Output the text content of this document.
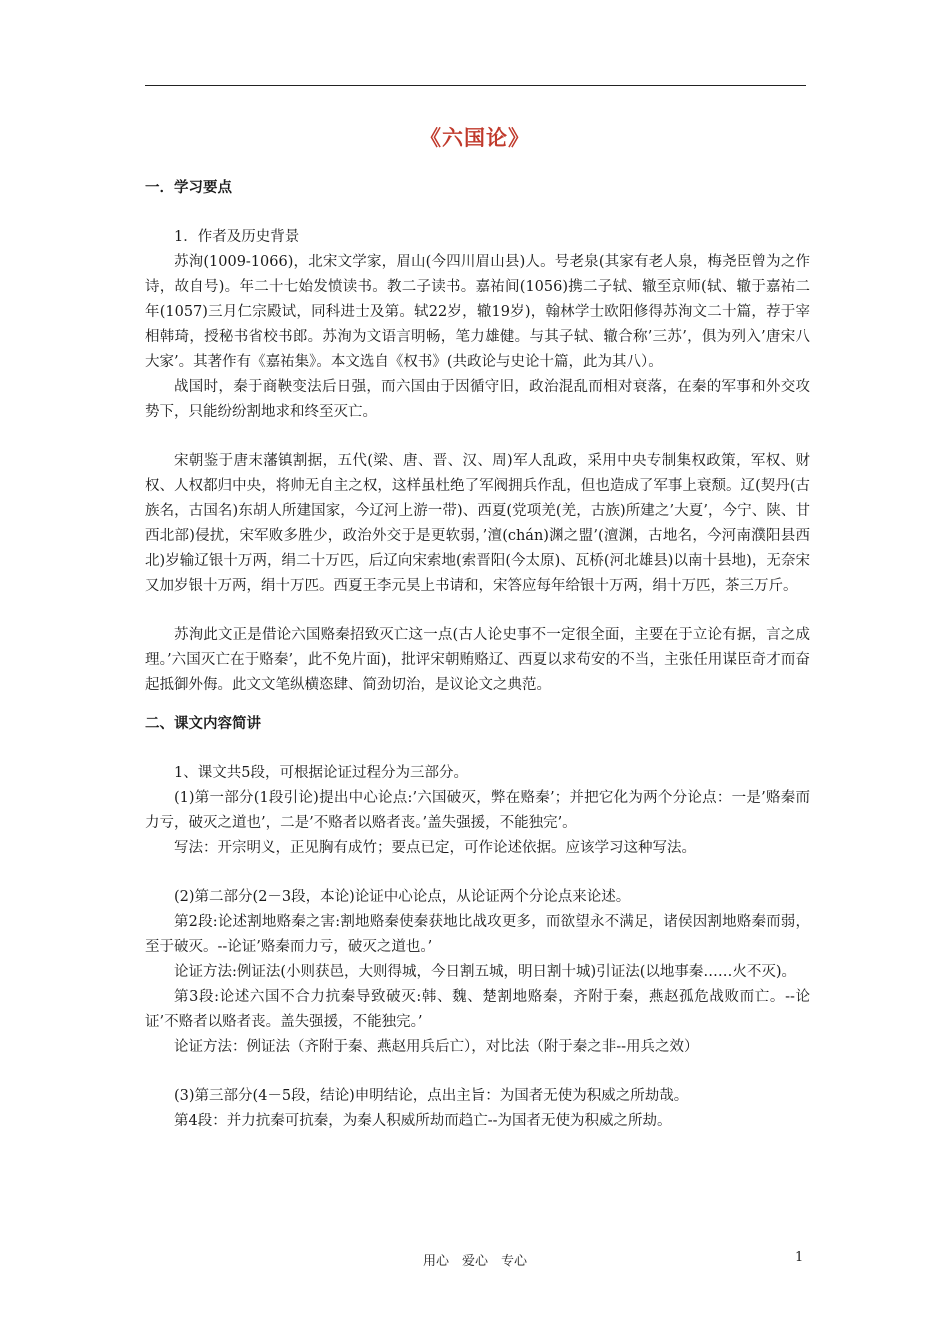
《六国论》

一．学习要点

1．作者及历史背景

苏洵(1009-1066)，北宋文学家，眉山(今四川眉山县)人。号老泉(其家有老人泉，梅尧臣曾为之作诗，故自号)。年二十七始发愤读书。教二子读书。嘉祐间(1056)携二子轼、辙至京师(轼、辙于嘉祐二年(1057)三月仁宗殿试，同科进士及第。轼22岁，辙19岁)，翰林学士欧阳修得苏洵文二十篇，荐于宰相韩琦，授秘书省校书郎。苏洵为文语言明畅，笔力雄健。与其子轼、辙合称’三苏’，俱为列入’唐宋八大家’。其著作有《嘉祐集》。本文选自《权书》(共政论与史论十篇，此为其八）。

战国时，秦于商鞅变法后日强，而六国由于因循守旧，政治混乱而相对衰落，在秦的军事和外交攻势下，只能纷纷割地求和终至灭亡。

宋朝鉴于唐末藩镇割据，五代(梁、唐、晋、汉、周)军人乱政，采用中央专制集权政策，军权、财权、人权都归中央，将帅无自主之权，这样虽杜绝了军阀拥兵作乱，但也造成了军事上衰颓。辽(契丹(古族名，古国名)东胡人所建国家，今辽河上游一带)、西夏(党项羌(羌，古族)所建之’大夏’，今宁、陕、甘西北部)侵扰，宋军败多胜少，政治外交于是更软弱，’澶(chán)渊之盟’(澶渊，古地名，今河南濮阳县西北)岁输辽银十万两，绢二十万匹，后辽向宋索地(索晋阳(今太原)、瓦桥(河北雄县)以南十县地)，无奈宋又加岁银十万两，绢十万匹。西夏王李元昊上书请和，宋答应每年给银十万两，绢十万匹，茶三万斤。

苏洵此文正是借论六国赂秦招致灭亡这一点(古人论史事不一定很全面，主要在于立论有据，言之成理。’六国灭亡在于赂秦’，此不免片面)，批评宋朝贿赂辽、西夏以求苟安的不当，主张任用谋臣奇才而奋起抵御外侮。此文文笔纵横恣肆、简劲切治，是议论文之典范。

二、课文内容简讲

1、课文共5段，可根据论证过程分为三部分。

(1)第一部分(1段引论)提出中心论点:’六国破灭，弊在赂秦’；并把它化为两个分论点：一是’赂秦而力亏，破灭之道也’，二是’不赂者以赂者丧。’盖失强援，不能独完’。

写法：开宗明义，正见胸有成竹；要点已定，可作论述依据。应该学习这种写法。

(2)第二部分(2－3段，本论)论证中心论点，从论证两个分论点来论述。

第2段:论述割地赂秦之害:割地赂秦使秦获地比战攻更多，而欲望永不满足，诸侯因割地赂秦而弱，至于破灭。--论证’赂秦而力亏，破灭之道也。’

论证方法:例证法(小则获邑，大则得城，今日割五城，明日割十城)引证法(以地事秦……火不灭)。

第3段:论述六国不合力抗秦导致破灭:韩、魏、楚割地赂秦，齐附于秦，燕赵孤危战败而亡。--论证’不赂者以赂者丧。盖失强援，不能独完。’

论证方法：例证法（齐附于秦、燕赵用兵后亡），对比法（附于秦之非--用兵之效）

(3)第三部分(4－5段，结论)申明结论，点出主旨：为国者无使为积威之所劫哉。

第4段：并力抗秦可抗秦，为秦人积威所劫而趋亡--为国者无使为积威之所劫。

用心　爱心　专心	1
